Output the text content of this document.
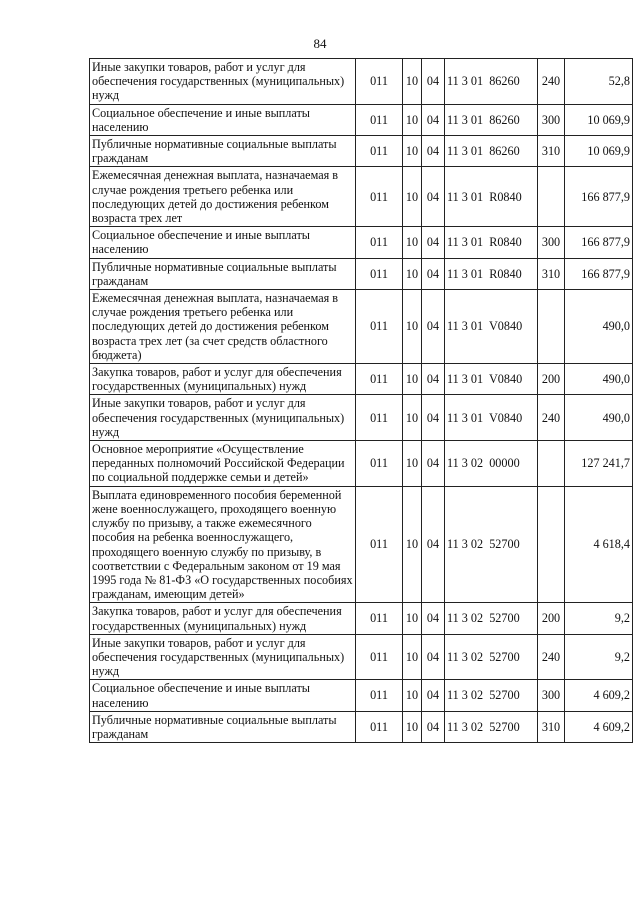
84
Иные закупки товаров, работ и услуг для обеспечения государственных (муниципальных) нужд	011	10	04	11 3 01  86260	240	52,8
Социальное обеспечение и иные выплаты населению	011	10	04	11 3 01  86260	300	10 069,9
Публичные нормативные социальные выплаты гражданам	011	10	04	11 3 01  86260	310	10 069,9
Ежемесячная денежная выплата, назначаемая в случае рождения третьего ребенка или последующих детей до достижения ребенком возраста трех лет	011	10	04	11 3 01  R0840		166 877,9
Социальное обеспечение и иные выплаты населению	011	10	04	11 3 01  R0840	300	166 877,9
Публичные нормативные социальные выплаты гражданам	011	10	04	11 3 01  R0840	310	166 877,9
Ежемесячная денежная выплата, назначаемая в случае рождения третьего ребенка или последующих детей до достижения ребенком возраста трех лет (за счет средств областного бюджета)	011	10	04	11 3 01  V0840		490,0
Закупка товаров, работ и услуг для обеспечения государственных (муниципальных) нужд	011	10	04	11 3 01  V0840	200	490,0
Иные закупки товаров, работ и услуг для обеспечения государственных (муниципальных) нужд	011	10	04	11 3 01  V0840	240	490,0
Основное мероприятие «Осуществление переданных полномочий Российской Федерации по социальной поддержке семьи и детей»	011	10	04	11 3 02  00000		127 241,7
Выплата единовременного пособия беременной жене военнослужащего, проходящего военную службу по призыву, а также ежемесячного пособия на ребенка военнослужащего, проходящего военную службу по призыву, в соответствии с Федеральным законом от 19 мая 1995 года № 81-ФЗ «О государственных пособиях гражданам, имеющим детей»	011	10	04	11 3 02  52700		4 618,4
Закупка товаров, работ и услуг для обеспечения государственных (муниципальных) нужд	011	10	04	11 3 02  52700	200	9,2
Иные закупки товаров, работ и услуг для обеспечения государственных (муниципальных) нужд	011	10	04	11 3 02  52700	240	9,2
Социальное обеспечение и иные выплаты населению	011	10	04	11 3 02  52700	300	4 609,2
Публичные нормативные социальные выплаты гражданам	011	10	04	11 3 02  52700	310	4 609,2
